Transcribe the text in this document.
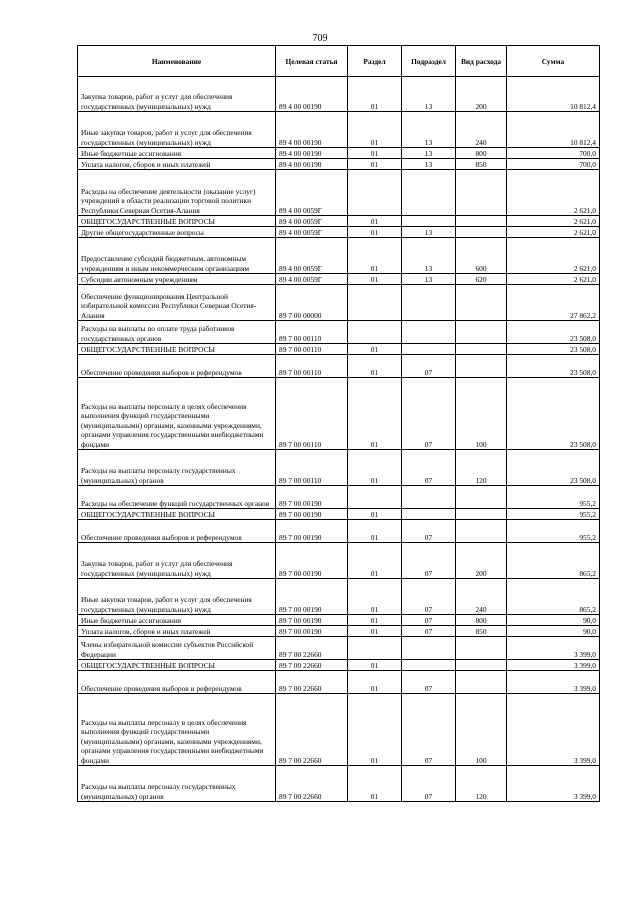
709
Наименование	Целевая статья	Раздел	Подраздел	Вид расхода	Сумма
Закупка товаров, работ и услуг для обеспечения государственных (муниципальных) нужд	89 4 00 00190	01	13	200	10 812,4
Иные закупки товаров, работ и услуг для обеспечения государственных (муниципальных) нужд	89 4 00 00190	01	13	240	10 812,4
Иные бюджетные ассигнования	89 4 00 00190	01	13	800	700,0
Уплата налогов, сборов и иных платежей	89 4 00 00190	01	13	850	700,0
Расходы на обеспечение деятельности (оказание услуг) учреждений в области реализации торговой политики Республики Северная Осетия-Алания	89 4 00 0059Г				2 621,0
ОБЩЕГОСУДАРСТВЕННЫЕ ВОПРОСЫ	89 4 00 0059Г	01			2 621,0
Другие общегосударственные вопросы	89 4 00 0059Г	01	13		2 621,0
Предоставление субсидий бюджетным, автономным учреждениям и иным некоммерческим организациям	89 4 00 0059Г	01	13	600	2 621,0
Субсидии автономным учреждениям	89 4 00 0059Г	01	13	620	2 621,0
Обеспечение функционирования Центральной избирательной комиссии Республики Северная Осетия-Алания	89 7 00 00000				27 862,2
Расходы на выплаты по оплате труда работников государственных органов	89 7 00 00110				23 508,0
ОБЩЕГОСУДАРСТВЕННЫЕ ВОПРОСЫ	89 7 00 00110	01			23 508,0
Обеспечение проведения выборов и референдумов	89 7 00 00110	01	07		23 508,0
Расходы на выплаты персоналу в целях обеспечения выполнения функций государственными (муниципальными) органами, казенными учреждениями, органами управления государственными внебюджетными фондами	89 7 00 00110	01	07	100	23 508,0
Расходы на выплаты персоналу государственных (муниципальных) органов	89 7 00 00110	01	07	120	23 508,0
Расходы на обеспечение функций государственных органов	89 7 00 00190				955,2
ОБЩЕГОСУДАРСТВЕННЫЕ ВОПРОСЫ	89 7 00 00190	01			955,2
Обеспечение проведения выборов и референдумов	89 7 00 00190	01	07		955,2
Закупка товаров, работ и услуг для обеспечения государственных (муниципальных) нужд	89 7 00 00190	01	07	200	865,2
Иные закупки товаров, работ и услуг для обеспечения государственных (муниципальных) нужд	89 7 00 00190	01	07	240	865,2
Иные бюджетные ассигнования	89 7 00 00190	01	07	800	90,0
Уплата налогов, сборов и иных платежей	89 7 00 00190	01	07	850	90,0
Члены избирательной комиссии субъектов Российской Федерации	89 7 00 22660				3 399,0
ОБЩЕГОСУДАРСТВЕННЫЕ ВОПРОСЫ	89 7 00 22660	01			3 399,0
Обеспечение проведения выборов и референдумов	89 7 00 22660	01	07		3 399,0
Расходы на выплаты персоналу в целях обеспечения выполнения функций государственными (муниципальными) органами, казенными учреждениями, органами управления государственными внебюджетными фондами	89 7 00 22660	01	07	100	3 399,0
Расходы на выплаты персоналу государственных (муниципальных) органов	89 7 00 22660	01	07	120	3 399,0
